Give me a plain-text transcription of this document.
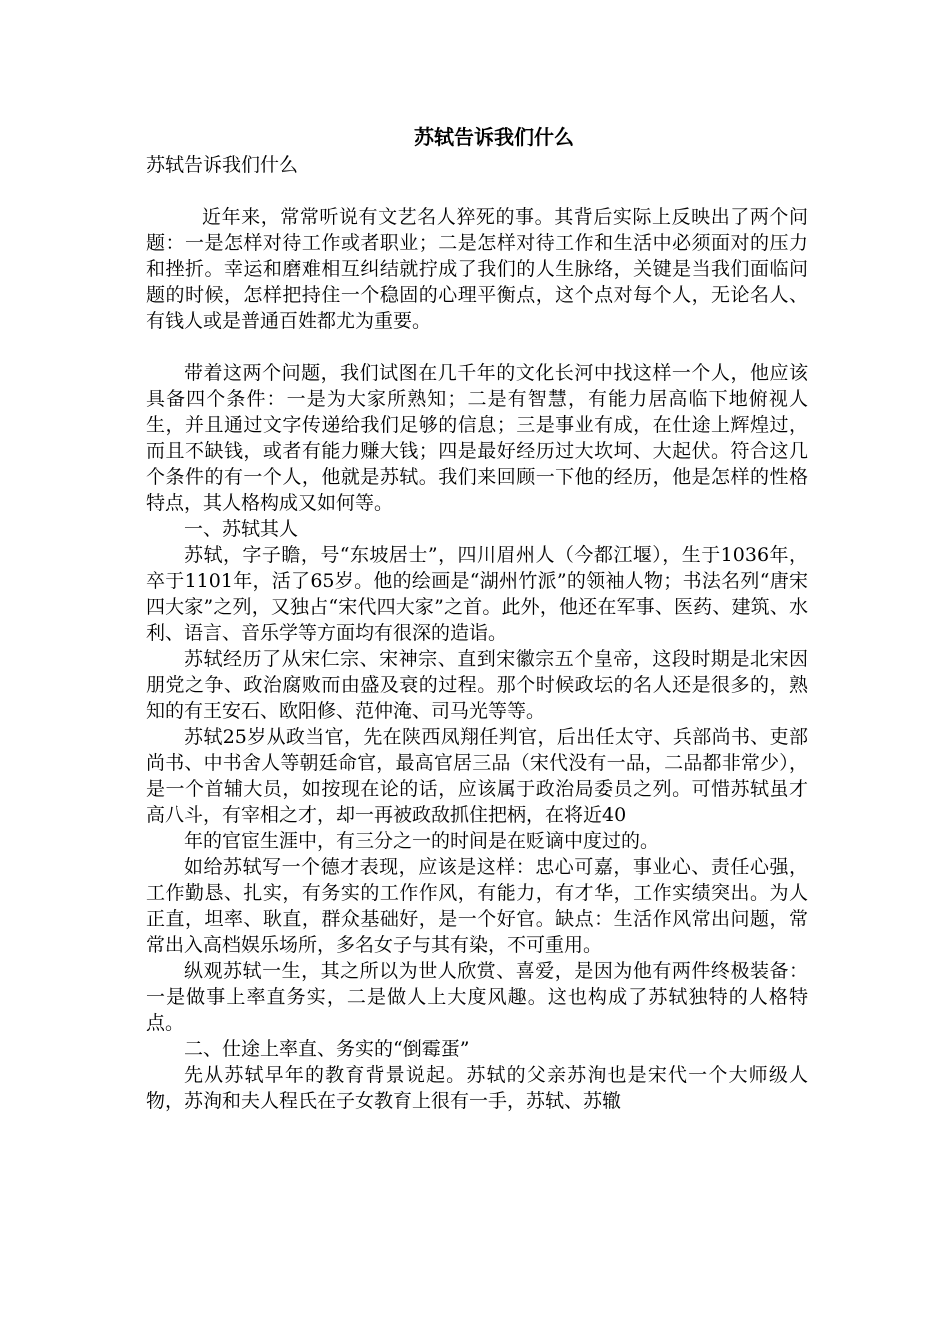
苏轼告诉我们什么

苏轼告诉我们什么

近年来，常常听说有文艺名人猝死的事。其背后实际上反映出了两个问题：一是怎样对待工作或者职业；二是怎样对待工作和生活中必须面对的压力和挫折。幸运和磨难相互纠结就拧成了我们的人生脉络，关键是当我们面临问题的时候，怎样把持住一个稳固的心理平衡点，这个点对每个人，无论名人、有钱人或是普通百姓都尤为重要。

带着这两个问题，我们试图在几千年的文化长河中找这样一个人，他应该具备四个条件：一是为大家所熟知；二是有智慧，有能力居高临下地俯视人生，并且通过文字传递给我们足够的信息；三是事业有成，在仕途上辉煌过，而且不缺钱，或者有能力赚大钱；四是最好经历过大坎坷、大起伏。符合这几个条件的有一个人，他就是苏轼。我们来回顾一下他的经历，他是怎样的性格特点，其人格构成又如何等。

一、苏轼其人

苏轼，字子瞻，号“东坡居士”，四川眉州人（今都江堰），生于1036年，卒于1101年，活了65岁。他的绘画是“湖州竹派”的领袖人物；书法名列“唐宋四大家”之列，又独占“宋代四大家”之首。此外，他还在军事、医药、建筑、水利、语言、音乐学等方面均有很深的造诣。

苏轼经历了从宋仁宗、宋神宗、直到宋徽宗五个皇帝，这段时期是北宋因朋党之争、政治腐败而由盛及衰的过程。那个时候政坛的名人还是很多的，熟知的有王安石、欧阳修、范仲淹、司马光等等。

苏轼25岁从政当官，先在陕西凤翔任判官，后出任太守、兵部尚书、吏部尚书、中书舍人等朝廷命官，最高官居三品（宋代没有一品，二品都非常少），是一个首辅大员，如按现在论的话，应该属于政治局委员之列。可惜苏轼虽才高八斗，有宰相之才，却一再被政敌抓住把柄，在将近40

年的官宦生涯中，有三分之一的时间是在贬谪中度过的。

如给苏轼写一个德才表现，应该是这样：忠心可嘉，事业心、责任心强，工作勤恳、扎实，有务实的工作作风，有能力，有才华，工作实绩突出。为人正直，坦率、耿直，群众基础好，是一个好官。缺点：生活作风常出问题，常常出入高档娱乐场所，多名女子与其有染，不可重用。

纵观苏轼一生，其之所以为世人欣赏、喜爱，是因为他有两件终极装备：一是做事上率直务实，二是做人上大度风趣。这也构成了苏轼独特的人格特点。

二、仕途上率直、务实的“倒霉蛋”

先从苏轼早年的教育背景说起。苏轼的父亲苏洵也是宋代一个大师级人物，苏洵和夫人程氏在子女教育上很有一手，苏轼、苏辙
